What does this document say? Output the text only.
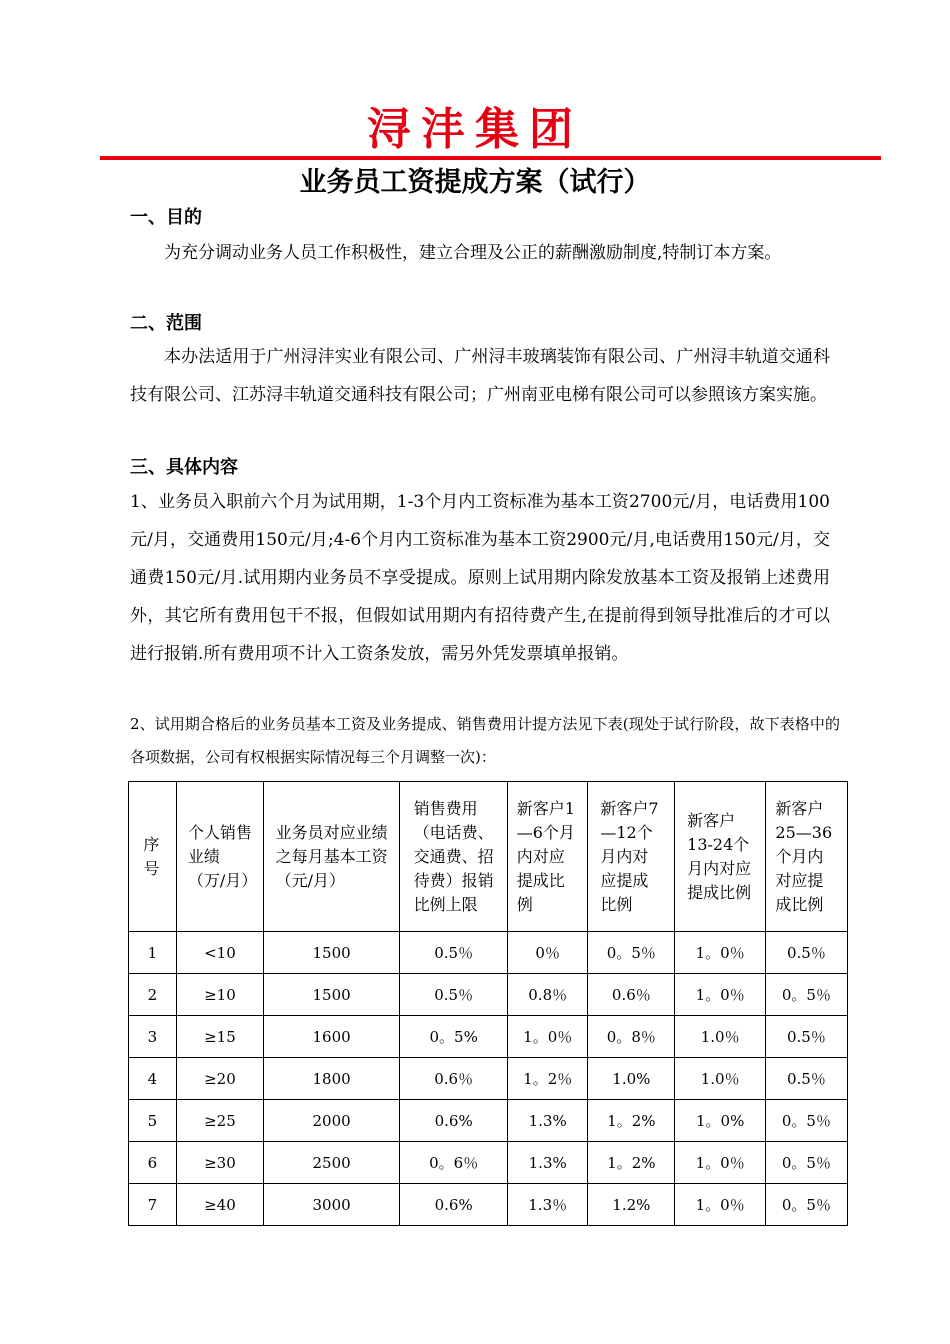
浔沣集团
业务员工资提成方案（试行）
一、目的
为充分调动业务人员工作积极性，建立合理及公正的薪酬激励制度,特制订本方案。
二、范围
本办法适用于广州浔沣实业有限公司、广州浔丰玻璃装饰有限公司、广州浔丰轨道交通科技有限公司、江苏浔丰轨道交通科技有限公司；广州南亚电梯有限公司可以参照该方案实施。
三、具体内容
1、业务员入职前六个月为试用期，1-3个月内工资标准为基本工资2700元/月，电话费用100元/月，交通费用150元/月;4-6个月内工资标准为基本工资2900元/月,电话费用150元/月，交通费150元/月.试用期内业务员不享受提成。原则上试用期内除发放基本工资及报销上述费用外，其它所有费用包干不报，但假如试用期内有招待费产生,在提前得到领导批准后的才可以进行报销.所有费用项不计入工资条发放，需另外凭发票填单报销。
2、试用期合格后的业务员基本工资及业务提成、销售费用计提方法见下表(现处于试行阶段，故下表格中的各项数据，公司有权根据实际情况每三个月调整一次)：
序号	个人销售业绩（万/月）	业务员对应业绩之每月基本工资（元/月）	销售费用（电话费、交通费、招待费）报销比例上限	新客户1—6个月内对应提成比例	新客户7—12个月内对应提成比例	新客户13-24个月内对应提成比例	新客户25—36个月内对应提成比例
1	<10	1500	0.5％	0％	0。5％	1。0％	0.5％
2	≥10	1500	0.5％	0.8％	0.6％	1。0％	0。5％
3	≥15	1600	0。5%	1。0％	0。8％	1.0％	0.5％
4	≥20	1800	0.6％	1。2％	1.0%	1.0％	0.5％
5	≥25	2000	0.6%	1.3%	1。2%	1。0%	0。5％
6	≥30	2500	0。6％	1.3%	1。2%	1。0％	0。5％
7	≥40	3000	0.6%	1.3％	1.2%	1。0％	0。5％
